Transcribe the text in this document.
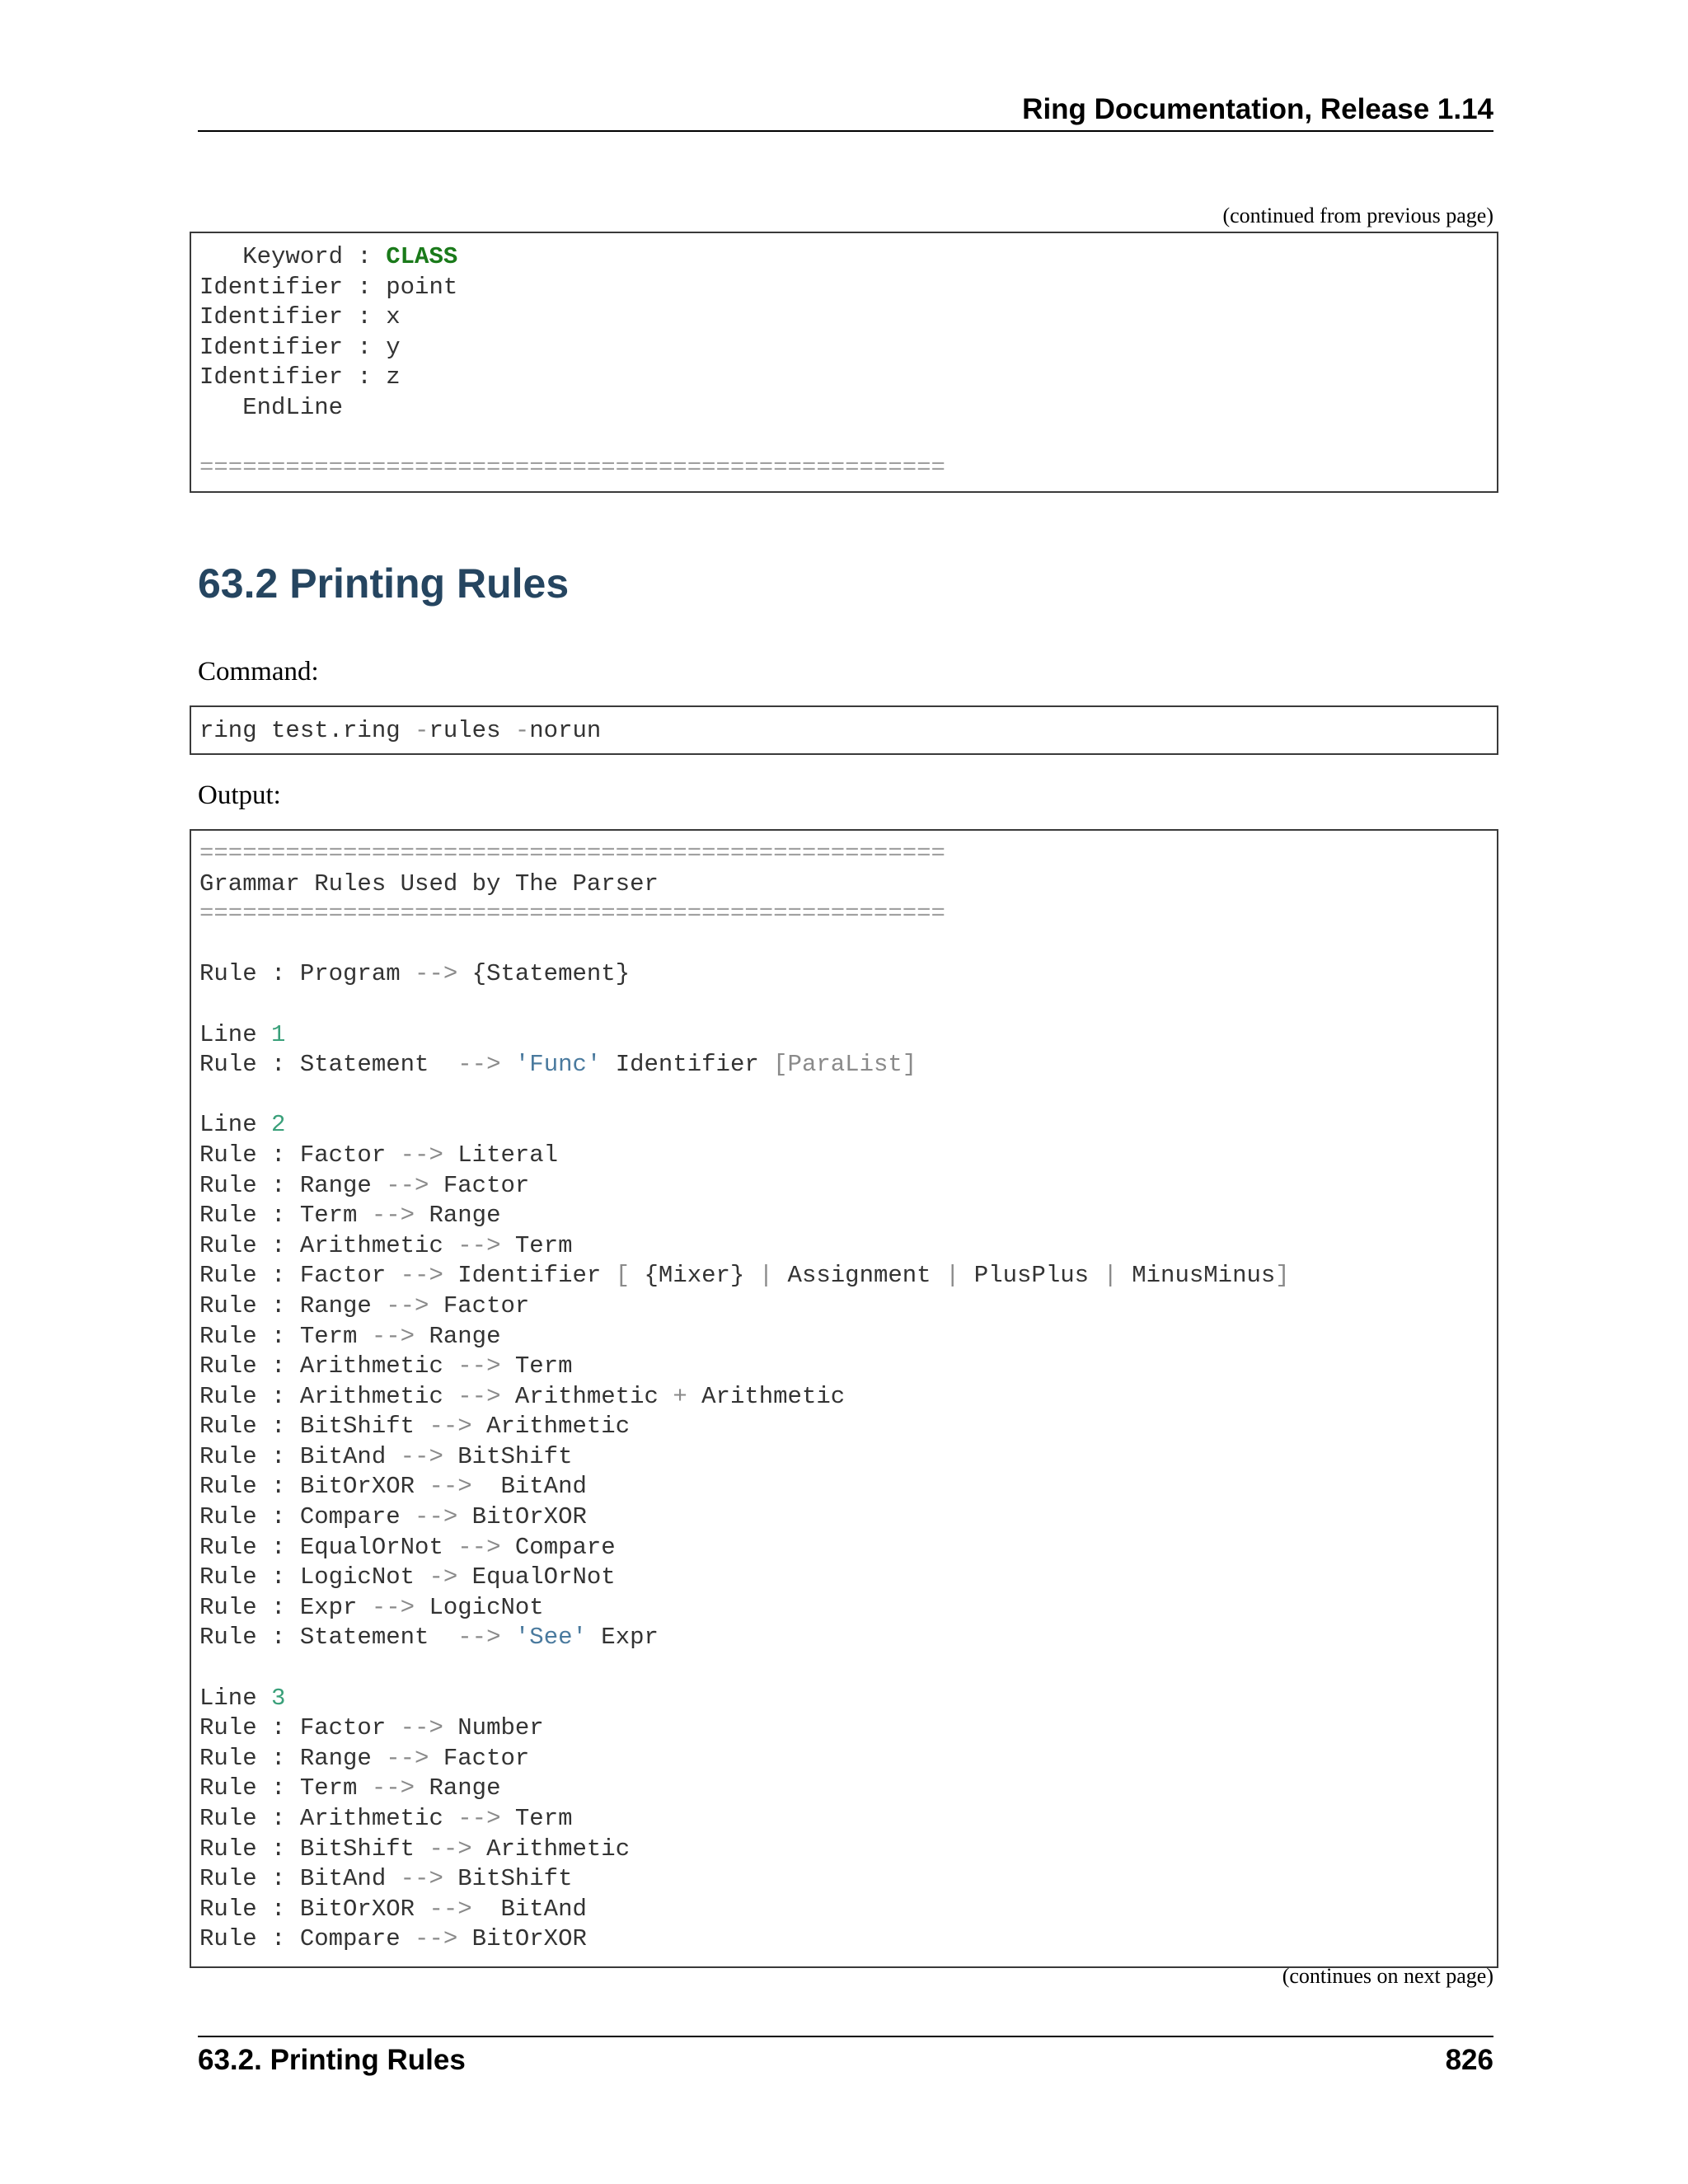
Ring Documentation, Release 1.14
(continued from previous page)
Keyword : CLASS
Identifier : point
Identifier : x
Identifier : y
Identifier : z
EndLine
====================================================
63.2 Printing Rules
Command:
ring test.ring -rules -norun
Output:
====================================================
Grammar Rules Used by The Parser
====================================================
Rule : Program --> {Statement}
Line 1
Rule : Statement  --> 'Func' Identifier [ParaList]
Line 2
Rule : Factor --> Literal
Rule : Range --> Factor
Rule : Term --> Range
Rule : Arithmetic --> Term
Rule : Factor --> Identifier [ {Mixer} | Assignment | PlusPlus | MinusMinus]
Rule : Range --> Factor
Rule : Term --> Range
Rule : Arithmetic --> Term
Rule : Arithmetic --> Arithmetic + Arithmetic
Rule : BitShift --> Arithmetic
Rule : BitAnd --> BitShift
Rule : BitOrXOR -->  BitAnd
Rule : Compare --> BitOrXOR
Rule : EqualOrNot --> Compare
Rule : LogicNot -> EqualOrNot
Rule : Expr --> LogicNot
Rule : Statement  --> 'See' Expr
Line 3
Rule : Factor --> Number
Rule : Range --> Factor
Rule : Term --> Range
Rule : Arithmetic --> Term
Rule : BitShift --> Arithmetic
Rule : BitAnd --> BitShift
Rule : BitOrXOR -->  BitAnd
Rule : Compare --> BitOrXOR
(continues on next page)
63.2. Printing Rules	826
